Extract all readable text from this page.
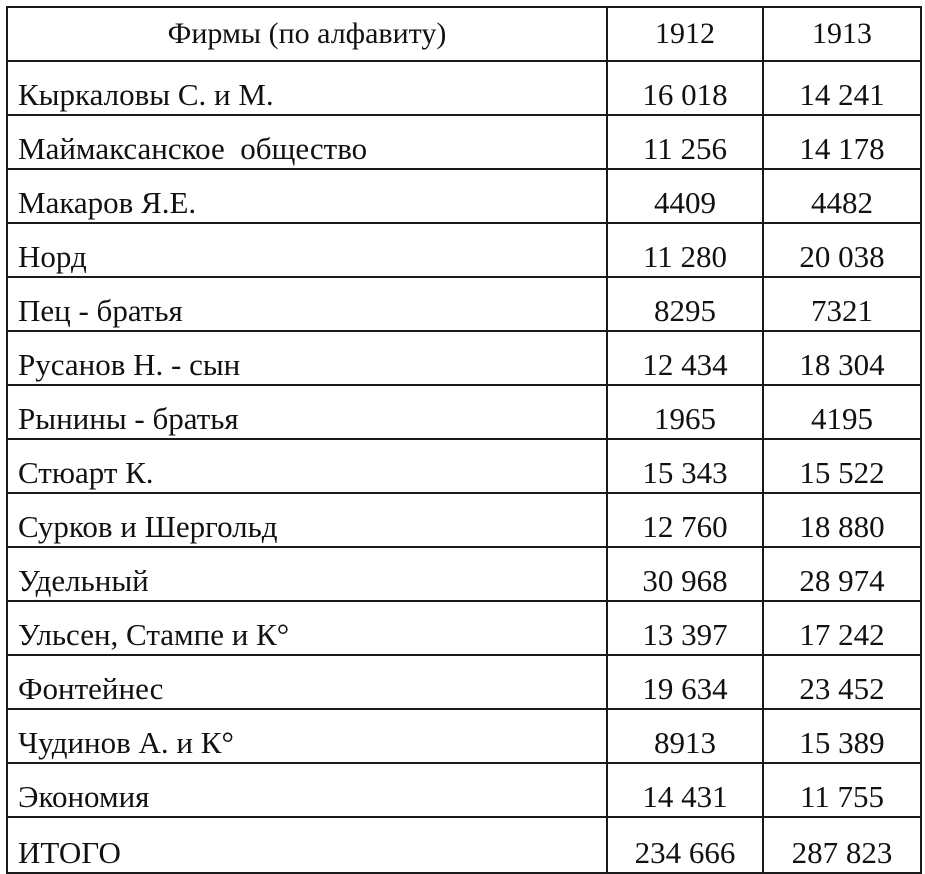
Фирмы (по алфавиту)	1912	1913
Кыркаловы С. и М.	16 018	14 241
Маймаксанское  общество	11 256	14 178
Макаров Я.Е.	4409	4482
Норд	11 280	20 038
Пец - братья	8295	7321
Русанов Н. - сын	12 434	18 304
Рынины - братья	1965	4195
Стюарт К.	15 343	15 522
Сурков и Шергольд	12 760	18 880
Удельный	30 968	28 974
Ульсен, Стампе и К°	13 397	17 242
Фонтейнес	19 634	23 452
Чудинов А. и К°	8913	15 389
Экономия	14 431	11 755
ИТОГО	234 666	287 823
